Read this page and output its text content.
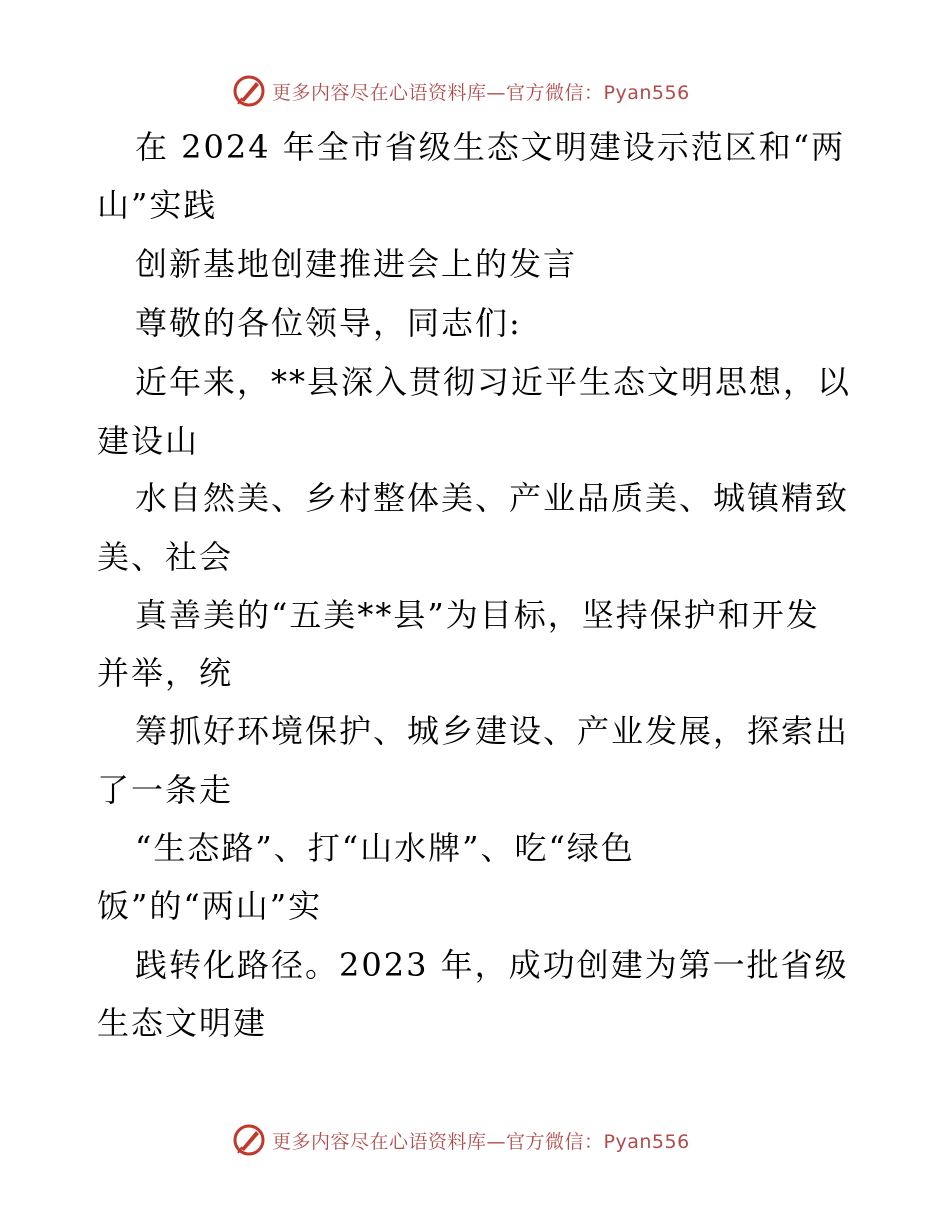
更多内容尽在心语资料库—官方微信：Pyan556
在 2024 年全市省级生态文明建设示范区和“两
山”实践
创新基地创建推进会上的发言
尊敬的各位领导，同志们:
近年来，**县深入贯彻习近平生态文明思想，以
建设山
水自然美、乡村整体美、产业品质美、城镇精致
美、社会
真善美的“五美**县”为目标，坚持保护和开发
并举，统
筹抓好环境保护、城乡建设、产业发展，探索出
了一条走
“生态路”、打“山水牌”、吃“绿色
饭”的“两山”实
践转化路径。2023 年，成功创建为第一批省级
生态文明建
更多内容尽在心语资料库—官方微信：Pyan556
